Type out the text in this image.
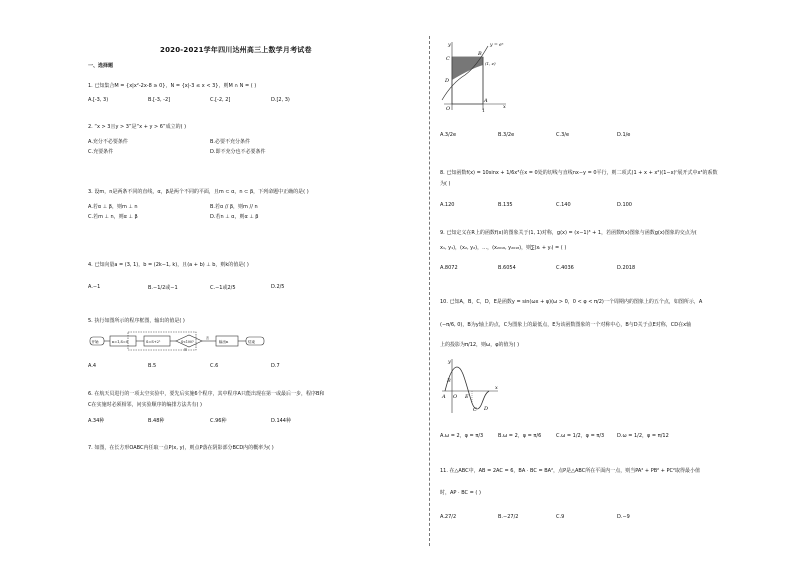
2020-2021学年四川达州高三上数学月考试卷
一、选择题
1. 已知集合M = {x|x²-2x-8 ≥ 0}，N = {x|-3 ≤ x < 3}，则M ∩ N = ( )
A.[-3, 3)	B.[-3, -2]	C.[-2, 2]	D.[2, 3)
2. “x > 3且y > 3”是“x + y > 6”成立的( )
A.充分不必要条件	B.必要不充分条件
C.充要条件	D.即不充分也不必要条件
3. 设m，n是两条不同的直线，α，β是两个不同的平面，且m ⊂ α，n ⊂ β，下列命题中正确的是( )
A.若α ⊥ β，则m ⊥ n	B.若α // β，则m // n
C.若m ⊥ n，则α ⊥ β	D.若n ⊥ α，则α ⊥ β
4. 已知向量a = (3, 1)，b = (2k−1, k)，且(a + b) ⊥ b，则k的值是( )
A.−1	B.−1/2或−1	C.−1或2/5	D.2/5
5. 执行如图所示的程序框图，输出的值是( )
开始	n=1,S=0	S=S+2ⁿ	S<100?
否
是
输出n	结束
A.4	B.5	C.6	D.7
6. 在航天员进行的一项太空实验中，要先后实施6个程序，其中程序A只能出现在第一或最后一步，程序B和
C在实施时必须相邻，问实验顺序的编排方法共有( )
A.34种	B.48种	C.96种	D.144种
7. 如图，在长方形OABC内任取一点P(x, y)，则点P落在阴影部分BCD内的概率为( )
y
x
O
A
B
C
D
1
y = eˣ
(1, e)
A.3/2e	B.3/2e	C.3/e	D.1/e
8. 已知函数f(x) = 10sinx + 1/6x³在x = 0处的切线与直线nx−y = 0平行，则二项式(1 + x + x²)(1−x)ⁿ展开式中x⁴的系数
为( )
A.120	B.135	C.140	D.100
9. 已知定义在R上的函数f(x)的图象关于(1, 1)对称，g(x) = (x−1)³ + 1，若函数f(x)图象与函数g(x)图象的交点为(
x₁, y₁)，(x₂, y₂)，…，(x₂₀₁₈, y₂₀₁₈)，则∑(xᵢ + yᵢ) = ( )
A.8072	B.6054	C.4036	D.2018
10. 已知A，B，C，D，E是函数y = sin(ωx + φ)(ω > 0，0 < φ < π/2)一个周期内的图象上的五个点，如图所示，A
(−π/6, 0)，B为y轴上的点，C为图象上的最低点，E为该函数图象的一个对称中心，B与D关于点E对称，CD在x轴
上的投影为π/12，则ω，φ的值为( )
y
x
A O
B
C D
E
A.ω = 2，φ = π/3	B.ω = 2，φ = π/6	C.ω = 1/2，φ = π/3	D.ω = 1/2，φ = π/12
11. 在△ABC中，AB = 2AC = 6，BA · BC = BA²，点P是△ABC所在平面内一点，则当PA² + PB² + PC²取得最小值
时，AP · BC = ( )
A.27/2	B.−27/2	C.9	D.−9
